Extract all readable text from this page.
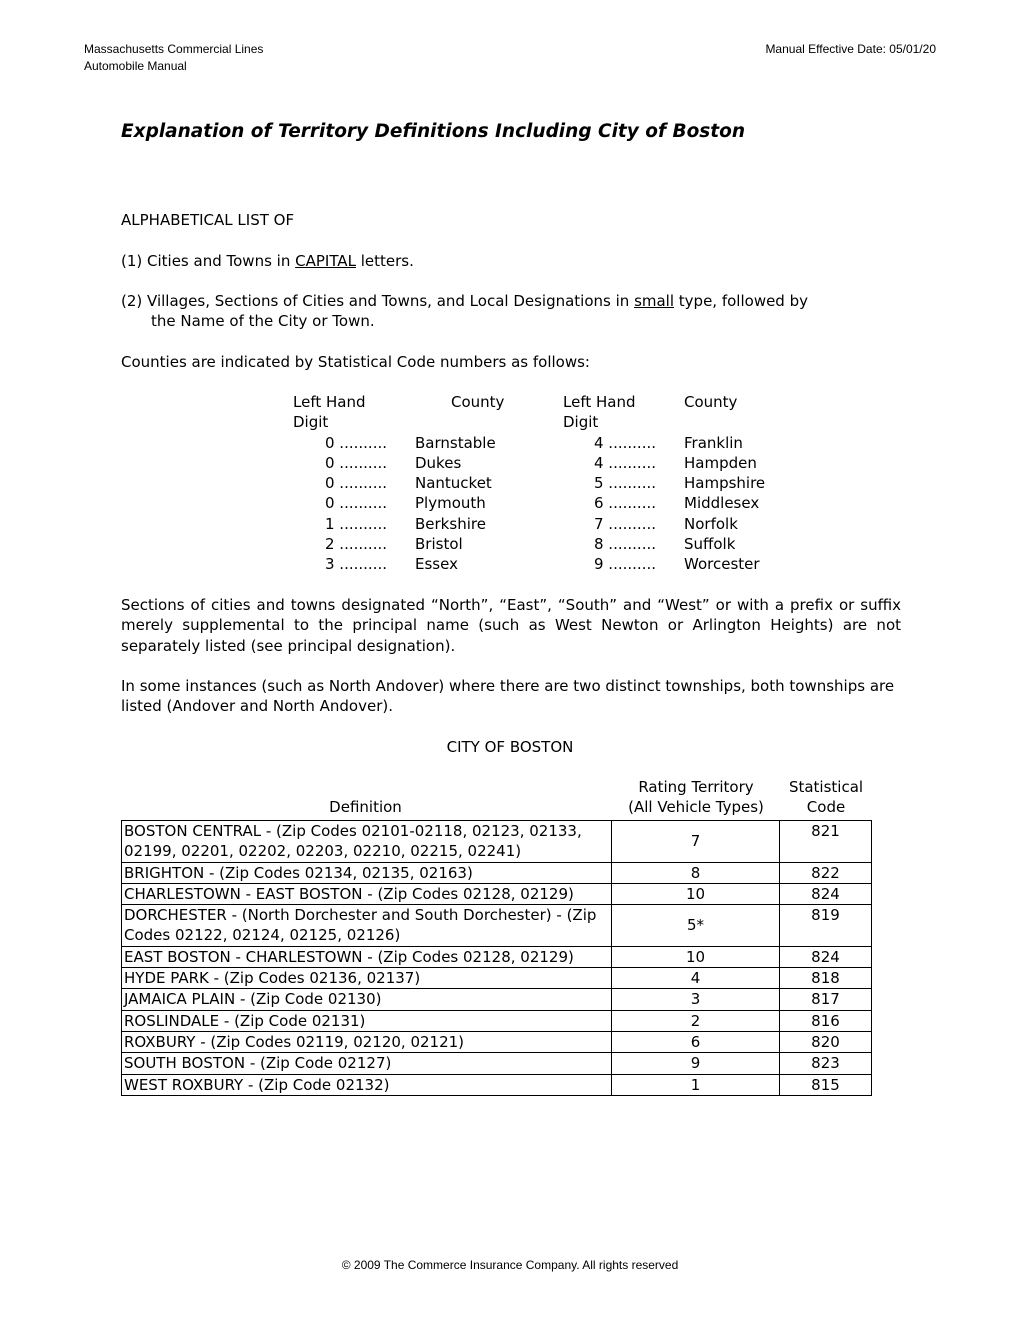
Massachusetts Commercial Lines
Automobile Manual
Manual Effective Date: 05/01/20
Explanation of Territory Definitions Including City of Boston
ALPHABETICAL LIST OF
(1) Cities and Towns in CAPITAL letters.
(2) Villages, Sections of Cities and Towns, and Local Designations in small type, followed by
the Name of the City or Town.
Counties are indicated by Statistical Code numbers as follows:
Left Hand	County	Left Hand	County
Digit	Digit
0 .......... Barnstable	4 .......... Franklin
0 .......... Dukes	4 .......... Hampden
0 .......... Nantucket	5 .......... Hampshire
0 .......... Plymouth	6 .......... Middlesex
1 .......... Berkshire	7 .......... Norfolk
2 .......... Bristol	8 .......... Suffolk
3 .......... Essex	9 .......... Worcester
Sections of cities and towns designated “North”, “East”, “South” and “West” or with a prefix or suffix merely supplemental to the principal name (such as West Newton or Arlington Heights) are not separately listed (see principal designation).
In some instances (such as North Andover) where there are two distinct townships, both townships are listed (Andover and North Andover).
CITY OF BOSTON
Definition
Rating Territory
(All Vehicle Types)
Statistical
Code
BOSTON CENTRAL - (Zip Codes 02101-02118, 02123, 02133, 02199, 02201, 02202, 02203, 02210, 02215, 02241)	7	821
BRIGHTON - (Zip Codes 02134, 02135, 02163)	8	822
CHARLESTOWN - EAST BOSTON - (Zip Codes 02128, 02129)	10	824
DORCHESTER - (North Dorchester and South Dorchester) - (Zip Codes 02122, 02124, 02125, 02126)	5*	819
EAST BOSTON - CHARLESTOWN - (Zip Codes 02128, 02129)	10	824
HYDE PARK - (Zip Codes 02136, 02137)	4	818
JAMAICA PLAIN - (Zip Code 02130)	3	817
ROSLINDALE - (Zip Code 02131)	2	816
ROXBURY - (Zip Codes 02119, 02120, 02121)	6	820
SOUTH BOSTON - (Zip Code 02127)	9	823
WEST ROXBURY - (Zip Code 02132)	1	815
© 2009 The Commerce Insurance Company. All rights reserved
